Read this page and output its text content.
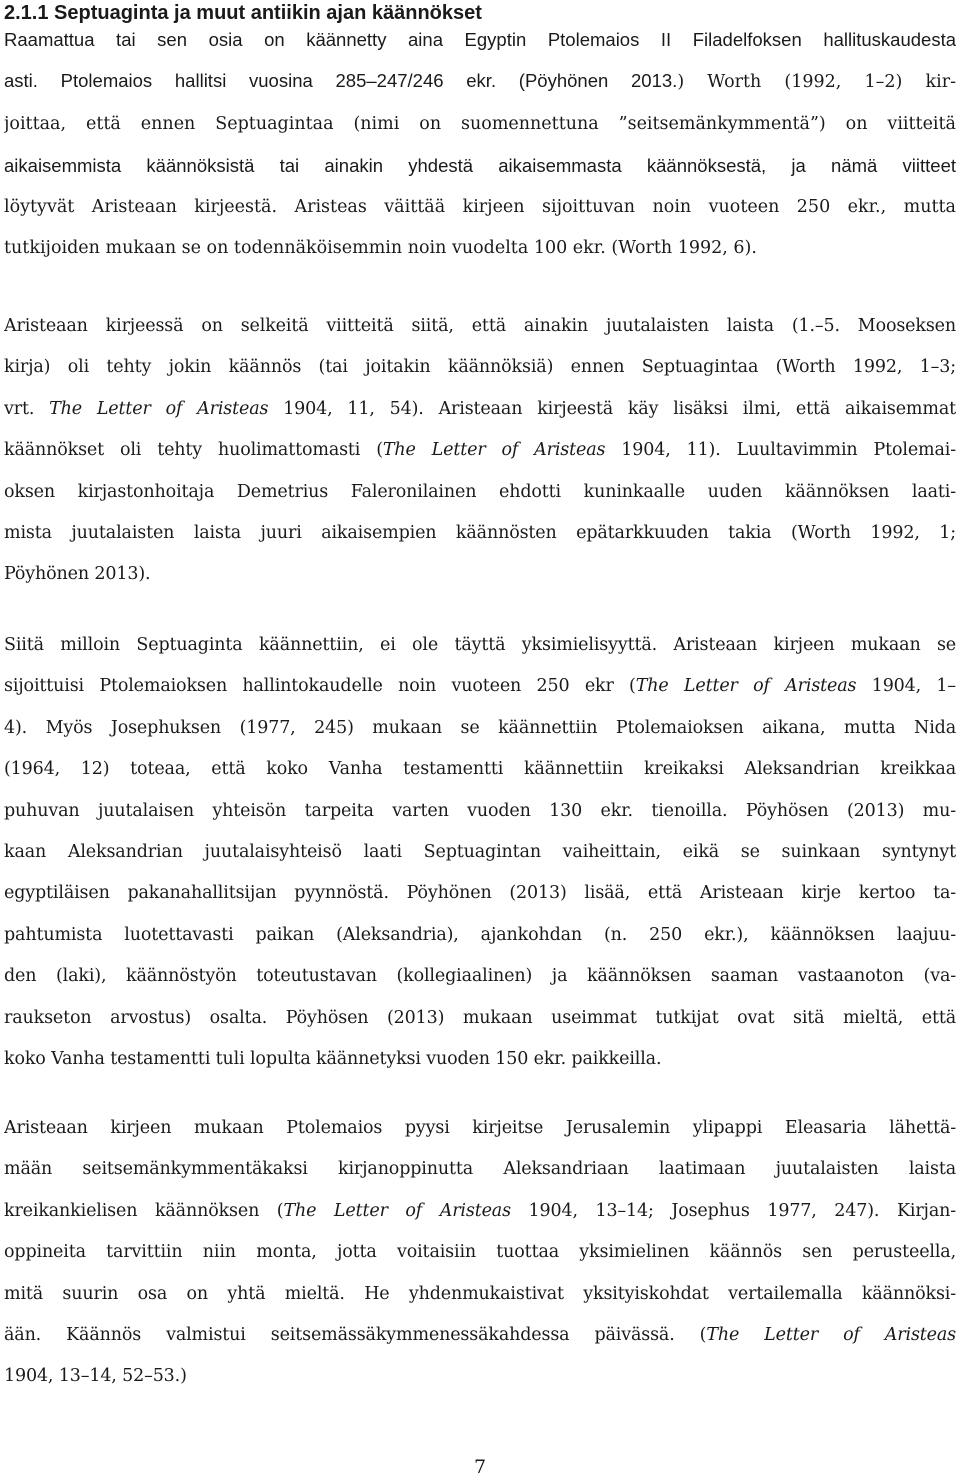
2.1.1 Septuaginta ja muut antiikin ajan käännökset
Raamattua tai sen osia on käännetty aina Egyptin Ptolemaios II Filadelfoksen hallituskaudesta
asti. Ptolemaios hallitsi vuosina 285–247/246 ekr. (Pöyhönen 2013.) Worth (1992, 1–2) kir-
joittaa, että ennen Septuagintaa (nimi on suomennettuna ”seitsemänkymmentä”) on viitteitä
aikaisemmista käännöksistä tai ainakin yhdestä aikaisemmasta käännöksestä, ja nämä viitteet
löytyvät Aristeaan kirjeestä. Aristeas väittää kirjeen sijoittuvan noin vuoteen 250 ekr., mutta
tutkijoiden mukaan se on todennäköisemmin noin vuodelta 100 ekr. (Worth 1992, 6).
Aristeaan kirjeessä on selkeitä viitteitä siitä, että ainakin juutalaisten laista (1.–5. Mooseksen
kirja) oli tehty jokin käännös (tai joitakin käännöksiä) ennen Septuagintaa (Worth 1992, 1–3;
vrt. The Letter of Aristeas 1904, 11, 54). Aristeaan kirjeestä käy lisäksi ilmi, että aikaisemmat
käännökset oli tehty huolimattomasti (The Letter of Aristeas 1904, 11). Luultavimmin Ptolemai-
oksen kirjastonhoitaja Demetrius Faleronilainen ehdotti kuninkaalle uuden käännöksen laati-
mista juutalaisten laista juuri aikaisempien käännösten epätarkkuuden takia (Worth 1992, 1;
Pöyhönen 2013).
Siitä milloin Septuaginta käännettiin, ei ole täyttä yksimielisyyttä. Aristeaan kirjeen mukaan se
sijoittuisi Ptolemaioksen hallintokaudelle noin vuoteen 250 ekr (The Letter of Aristeas 1904, 1–
4). Myös Josephuksen (1977, 245) mukaan se käännettiin Ptolemaioksen aikana, mutta Nida
(1964, 12) toteaa, että koko Vanha testamentti käännettiin kreikaksi Aleksandrian kreikkaa
puhuvan juutalaisen yhteisön tarpeita varten vuoden 130 ekr. tienoilla. Pöyhösen (2013) mu-
kaan Aleksandrian juutalaisyhteisö laati Septuagintan vaiheittain, eikä se suinkaan syntynyt
egyptiläisen pakanahallitsijan pyynnöstä. Pöyhönen (2013) lisää, että Aristeaan kirje kertoo ta-
pahtumista luotettavasti paikan (Aleksandria), ajankohdan (n. 250 ekr.), käännöksen laajuu-
den (laki), käännöstyön toteutustavan (kollegiaalinen) ja käännöksen saaman vastaanoton (va-
raukseton arvostus) osalta. Pöyhösen (2013) mukaan useimmat tutkijat ovat sitä mieltä, että
koko Vanha testamentti tuli lopulta käännetyksi vuoden 150 ekr. paikkeilla.
Aristeaan kirjeen mukaan Ptolemaios pyysi kirjeitse Jerusalemin ylipappi Eleasaria lähettä-
mään seitsemänkymmentäkaksi kirjanoppinutta Aleksandriaan laatimaan juutalaisten laista
kreikankielisen käännöksen (The Letter of Aristeas 1904, 13–14; Josephus 1977, 247). Kirjan-
oppineita tarvittiin niin monta, jotta voitaisiin tuottaa yksimielinen käännös sen perusteella,
mitä suurin osa on yhtä mieltä. He yhdenmukaistivat yksityiskohdat vertailemalla käännöksi-
ään. Käännös valmistui seitsemässäkymmenessäkahdessa päivässä. (The Letter of Aristeas
1904, 13–14, 52–53.)
7
